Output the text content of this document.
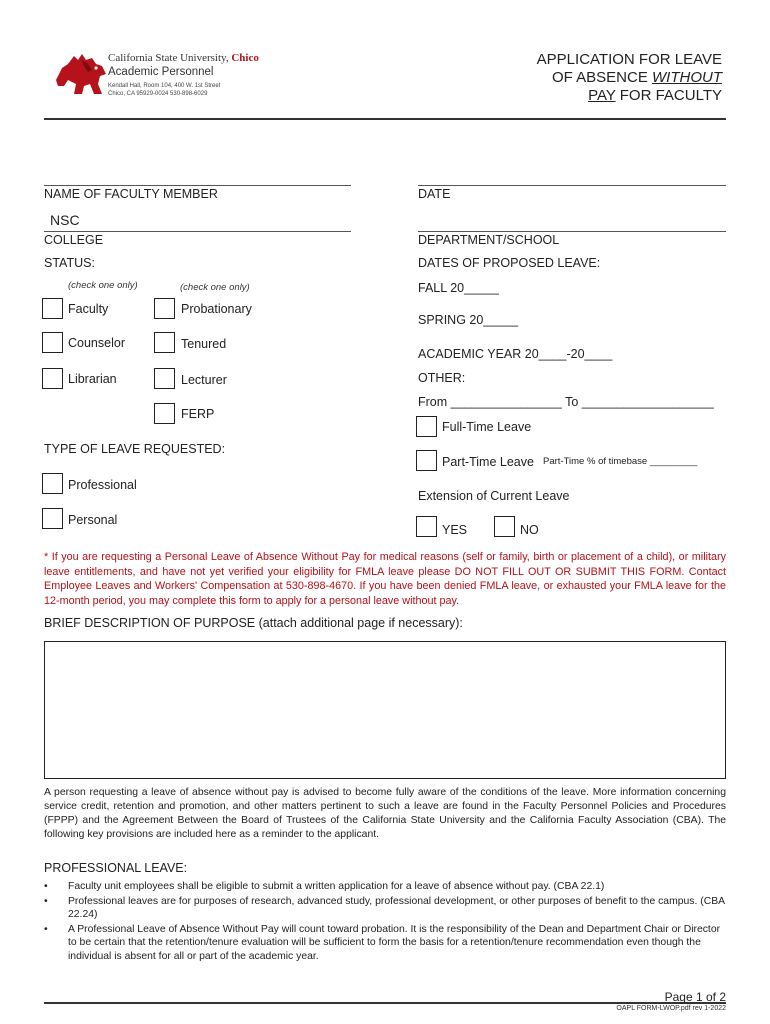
California State University, Chico
Academic Personnel
Kendall Hall, Room 104, 400 W. 1st Street
Chico, CA 95929-0024 530-898-6029
APPLICATION FOR LEAVE
OF ABSENCE WITHOUT
PAY FOR FACULTY
NAME OF FACULTY MEMBER	DATE
NSC
COLLEGE	DEPARTMENT/SCHOOL
STATUS:
(check one only)	(check one only)
Faculty
Counselor
Librarian
Probationary
Tenured
Lecturer
FERP
TYPE OF LEAVE REQUESTED:
Professional
Personal
DATES OF PROPOSED LEAVE:
FALL 20_____
SPRING 20_____
ACADEMIC YEAR 20____-20____
OTHER:
From ________________ To ___________________
Full-Time Leave
Part-Time Leave Part-Time % of timebase _________
Extension of Current Leave
YES	NO
* If you are requesting a Personal Leave of Absence Without Pay for medical reasons (self or family, birth or placement of a child), or military leave entitlements, and have not yet verified your eligibility for FMLA leave please DO NOT FILL OUT OR SUBMIT THIS FORM. Contact Employee Leaves and Workers' Compensation at 530-898-4670. If you have been denied FMLA leave, or exhausted your FMLA leave for the 12-month period, you may complete this form to apply for a personal leave without pay.
BRIEF DESCRIPTION OF PURPOSE (attach additional page if necessary):
A person requesting a leave of absence without pay is advised to become fully aware of the conditions of the leave. More information concerning service credit, retention and promotion, and other matters pertinent to such a leave are found in the Faculty Personnel Policies and Procedures (FPPP) and the Agreement Between the Board of Trustees of the California State University and the California Faculty Association (CBA). The following key provisions are included here as a reminder to the applicant.
PROFESSIONAL LEAVE:
• Faculty unit employees shall be eligible to submit a written application for a leave of absence without pay. (CBA 22.1)
• Professional leaves are for purposes of research, advanced study, professional development, or other purposes of benefit to the campus. (CBA 22.24)
• A Professional Leave of Absence Without Pay will count toward probation. It is the responsibility of the Dean and Department Chair or Director to be certain that the retention/tenure evaluation will be sufficient to form the basis for a retention/tenure recommendation even though the individual is absent for all or part of the academic year.
Page 1 of 2
OAPL FORM-LWOP.pdf rev 1-2022
